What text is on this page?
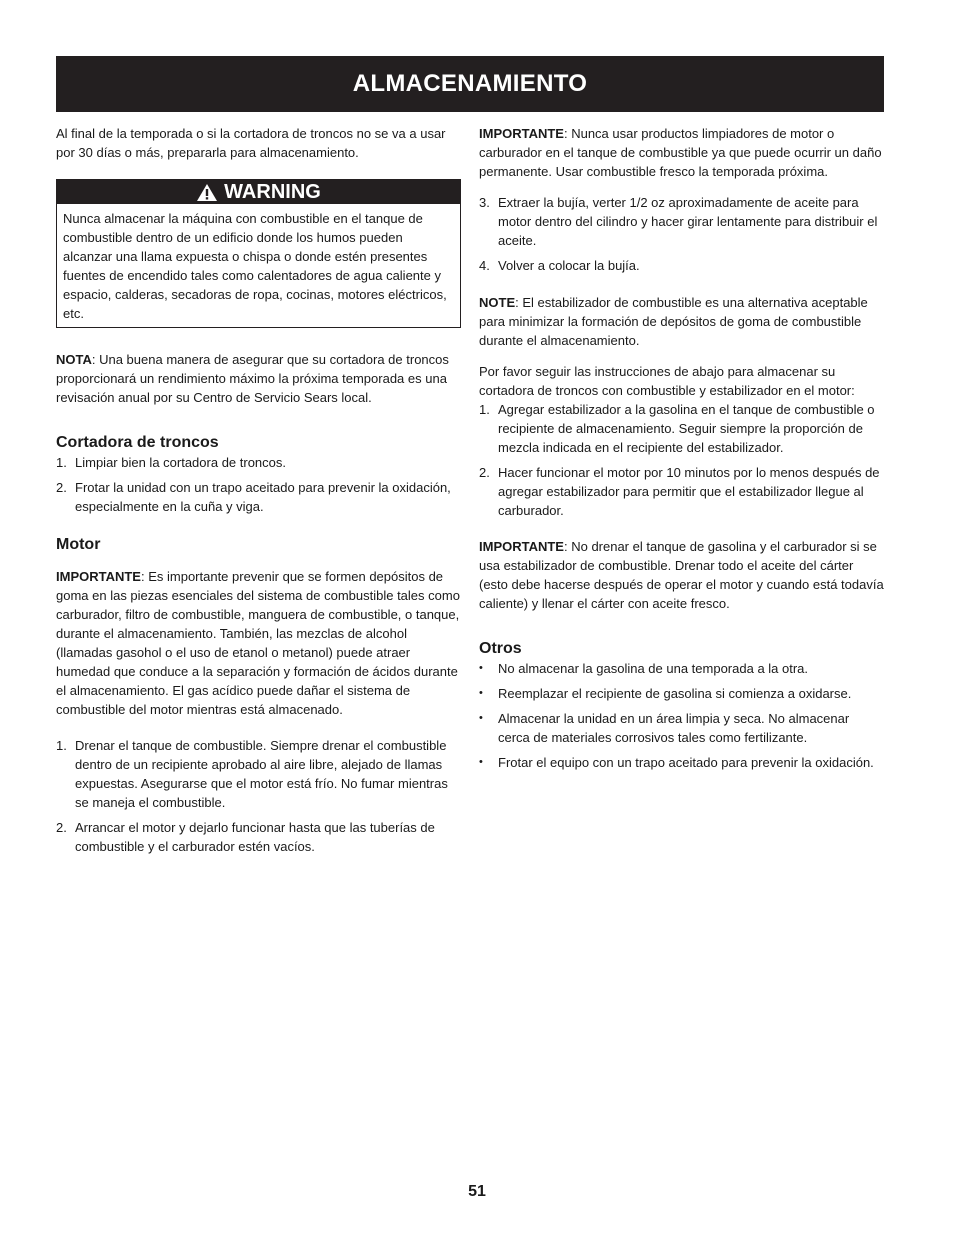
ALMACENAMIENTO

Al final de la temporada o si la cortadora de troncos no se va a usar por 30 días o más, prepararla para almacenamiento.

WARNING
Nunca almacenar la máquina con combustible en el tanque de combustible dentro de un edificio donde los humos pueden alcanzar una llama expuesta o chispa o donde estén presentes fuentes de encendido tales como calentadores de agua caliente y espacio, calderas, secadoras de ropa, cocinas, motores eléctricos, etc.

NOTA: Una buena manera de asegurar que su cortadora de troncos proporcionará un rendimiento máximo la próxima temporada es una revisación anual por su Centro de Servicio Sears local.

Cortadora de troncos
1. Limpiar bien la cortadora de troncos.
2. Frotar la unidad con un trapo aceitado para prevenir la oxidación, especialmente en la cuña y viga.
Motor

IMPORTANTE: Es importante prevenir que se formen depósitos de goma en las piezas esenciales del sistema de combustible tales como carburador, filtro de combustible, manguera de combustible, o tanque, durante el almacenamiento. También, las mezclas de alcohol (llamadas gasohol o el uso de etanol o metanol) puede atraer humedad que conduce a la separación y formación de ácidos durante el almacenamiento. El gas acídico puede dañar el sistema de combustible del motor mientras está almacenado.

1. Drenar el tanque de combustible. Siempre drenar el combustible dentro de un recipiente aprobado al aire libre, alejado de llamas expuestas. Asegurarse que el motor está frío. No fumar mientras se maneja el combustible.
2. Arrancar el motor y dejarlo funcionar hasta que las tuberías de combustible y el carburador estén vacíos.

IMPORTANTE: Nunca usar productos limpiadores de motor o carburador en el tanque de combustible ya que puede ocurrir un daño permanente. Usar combustible fresco la temporada próxima.

3. Extraer la bujía, verter 1/2 oz aproximadamente de aceite para motor dentro del cilindro y hacer girar lentamente para distribuir el aceite.
4. Volver a colocar la bujía.

NOTE: El estabilizador de combustible es una alternativa aceptable para minimizar la formación de depósitos de goma de combustible durante el almacenamiento.

Por favor seguir las instrucciones de abajo para almacenar su cortadora de troncos con combustible y estabilizador en el motor:

1. Agregar estabilizador a la gasolina en el tanque de combustible o recipiente de almacenamiento. Seguir siempre la proporción de mezcla indicada en el recipiente del estabilizador.
2. Hacer funcionar el motor por 10 minutos por lo menos después de agregar estabilizador para permitir que el estabilizador llegue al carburador.

IMPORTANTE: No drenar el tanque de gasolina y el carburador si se usa estabilizador de combustible. Drenar todo el aceite del cárter (esto debe hacerse después de operar el motor y cuando está todavía caliente) y llenar el cárter con aceite fresco.

Otros
•	No almacenar la gasolina de una temporada a la otra.
•	Reemplazar el recipiente de gasolina si comienza a oxidarse.
•	Almacenar la unidad en un área limpia y seca. No almacenar cerca de materiales corrosivos tales como fertilizante.
•	Frotar el equipo con un trapo aceitado para prevenir la oxidación.
51
